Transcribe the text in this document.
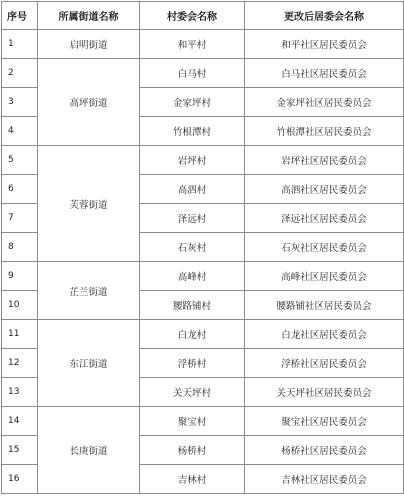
序号	所属街道名称	村委会名称	更改后居委会名称
1	启明街道	和平村	和平社区居民委员会
2	高坪街道	白马村	白马社区居民委员会
3		金家坪村	金家坪社区居民委员会
4		竹根潭村	竹根潭社区居民委员会
5	芙蓉街道	岩坪村	岩坪社区居民委员会
6		高泗村	高泗社区居民委员会
7		泽远村	泽远社区居民委员会
8		石灰村	石灰社区居民委员会
9	芷兰街道	高峰村	高峰社区居民委员会
10		腰路铺村	腰路铺社区居民委员会
11	东江街道	白龙村	白龙社区居民委员会
12		浮桥村	浮桥社区居民委员会
13		关天坪村	关天坪社区居民委员会
14	长庚街道	聚宝村	聚宝社区居民委员会
15		杨桥村	杨桥社区居民委员会
16		吉林村	吉林社区居民委员会
